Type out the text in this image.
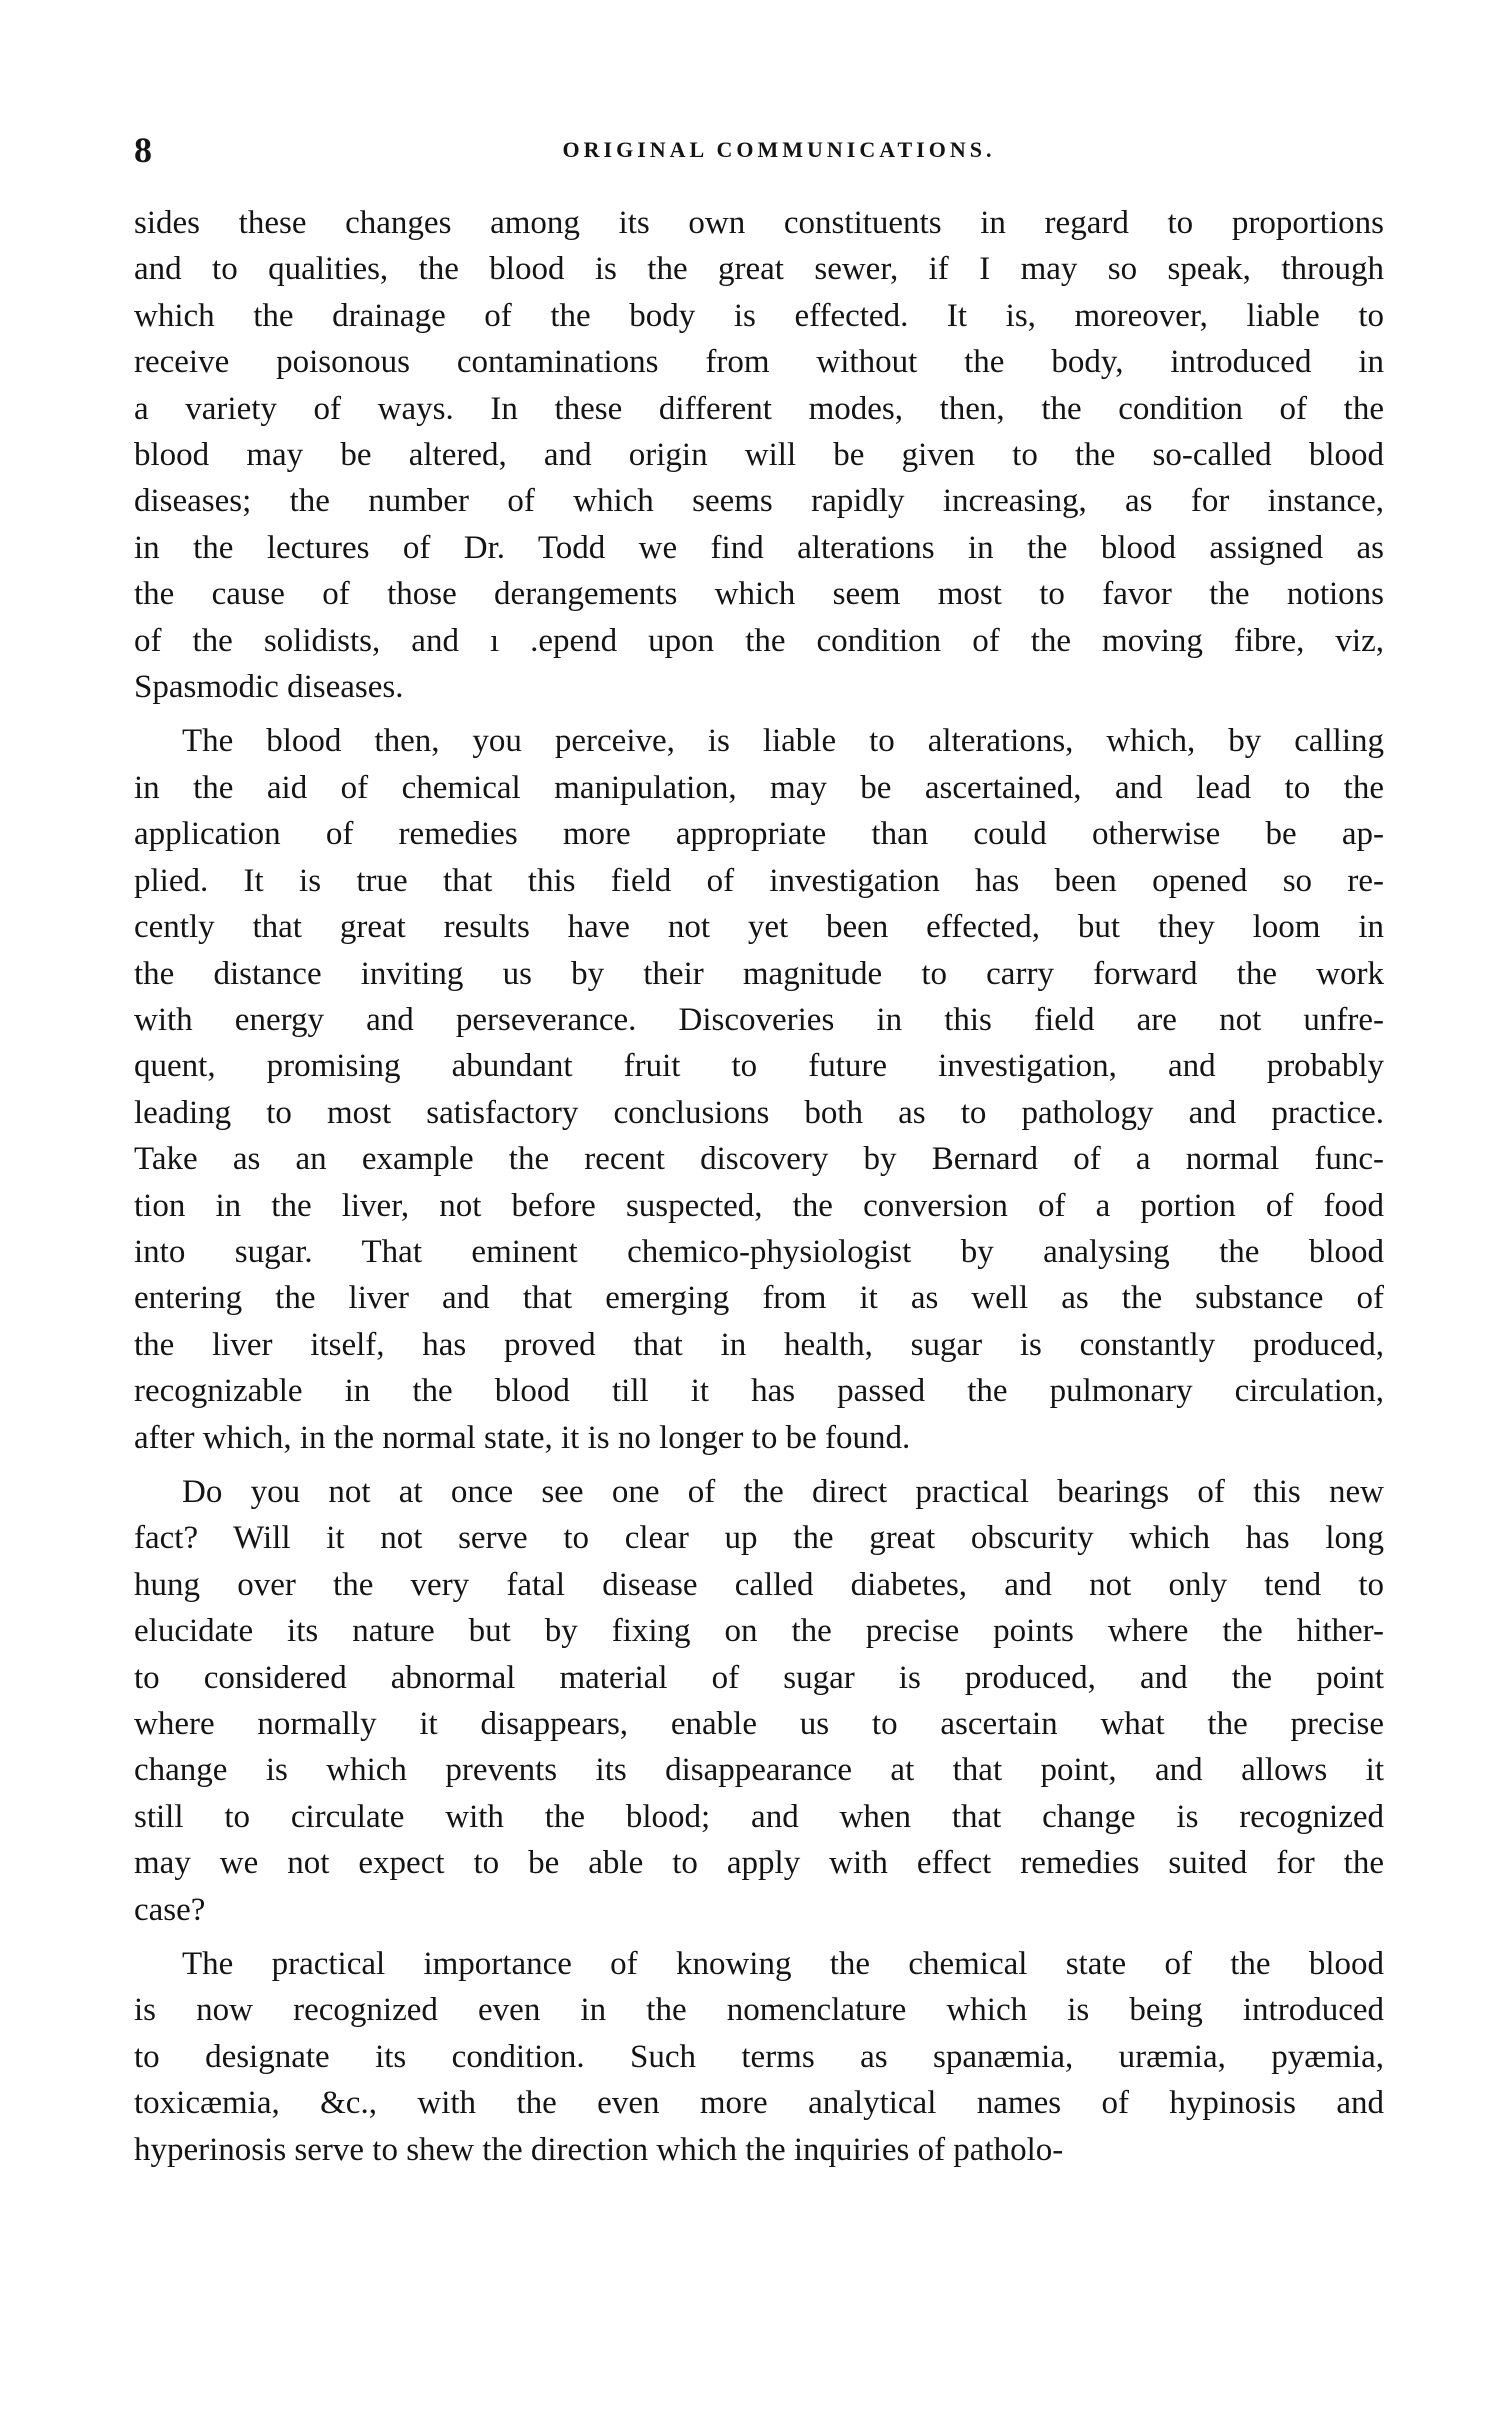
8	ORIGINAL COMMUNICATIONS.

sides these changes among its own constituents in regard to proportions
and to qualities, the blood is the great sewer, if I may so speak, through
which the drainage of the body is effected. It is, moreover, liable to
receive poisonous contaminations from without the body, introduced in
a variety of ways. In these different modes, then, the condition of the
blood may be altered, and origin will be given to the so-called blood
diseases; the number of which seems rapidly increasing, as for instance,
in the lectures of Dr. Todd we find alterations in the blood assigned as
the cause of those derangements which seem most to favor the notions
of the solidists, and ı .epend upon the condition of the moving fibre, viz,
Spasmodic diseases.

The blood then, you perceive, is liable to alterations, which, by calling
in the aid of chemical manipulation, may be ascertained, and lead to the
application of remedies more appropriate than could otherwise be ap-
plied. It is true that this field of investigation has been opened so re-
cently that great results have not yet been effected, but they loom in
the distance inviting us by their magnitude to carry forward the work
with energy and perseverance. Discoveries in this field are not unfre-
quent, promising abundant fruit to future investigation, and probably
leading to most satisfactory conclusions both as to pathology and practice.
Take as an example the recent discovery by Bernard of a normal func-
tion in the liver, not before suspected, the conversion of a portion of food
into sugar. That eminent chemico-physiologist by analysing the blood
entering the liver and that emerging from it as well as the substance of
the liver itself, has proved that in health, sugar is constantly produced,
recognizable in the blood till it has passed the pulmonary circulation,
after which, in the normal state, it is no longer to be found.

Do you not at once see one of the direct practical bearings of this new
fact? Will it not serve to clear up the great obscurity which has long
hung over the very fatal disease called diabetes, and not only tend to
elucidate its nature but by fixing on the precise points where the hither-
to considered abnormal material of sugar is produced, and the point
where normally it disappears, enable us to ascertain what the precise
change is which prevents its disappearance at that point, and allows it
still to circulate with the blood; and when that change is recognized
may we not expect to be able to apply with effect remedies suited for the
case?

The practical importance of knowing the chemical state of the blood
is now recognized even in the nomenclature which is being introduced
to designate its condition. Such terms as spanæmia, uræmia, pyæmia,
toxicæmia, &c., with the even more analytical names of hypinosis and
hyperinosis serve to shew the direction which the inquiries of patholo-
